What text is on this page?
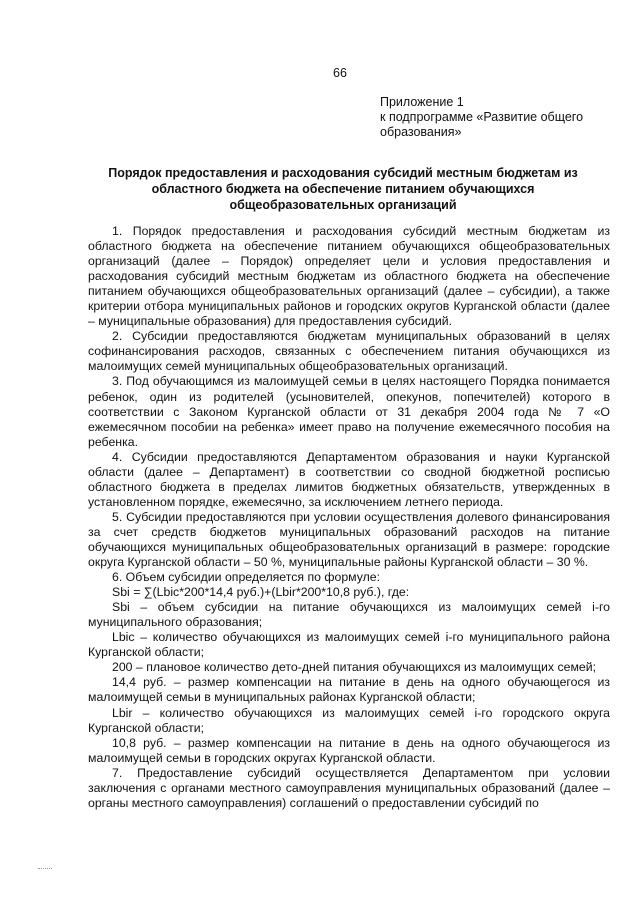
66
Приложение 1
к подпрограмме «Развитие общего
образования»
Порядок предоставления и расходования субсидий местным бюджетам из
областного бюджета на обеспечение питанием обучающихся
общеобразовательных организаций

1. Порядок предоставления и расходования субсидий местным бюджетам из областного бюджета на обеспечение питанием обучающихся общеобразовательных организаций (далее – Порядок) определяет цели и условия предоставления и расходования субсидий местным бюджетам из областного бюджета на обеспечение питанием обучающихся общеобразовательных организаций (далее – субсидии), а также критерии отбора муниципальных районов и городских округов Курганской области (далее – муниципальные образования) для предоставления субсидий.

2. Субсидии предоставляются бюджетам муниципальных образований в целях софинансирования расходов, связанных с обеспечением питания обучающихся из малоимущих семей муниципальных общеобразовательных организаций.

3. Под обучающимся из малоимущей семьи в целях настоящего Порядка понимается ребенок, один из родителей (усыновителей, опекунов, попечителей) которого в соответствии с Законом Курганской области от 31 декабря 2004 года № 7 «О ежемесячном пособии на ребенка» имеет право на получение ежемесячного пособия на ребенка.

4. Субсидии предоставляются Департаментом образования и науки Курганской области (далее – Департамент) в соответствии со сводной бюджетной росписью областного бюджета в пределах лимитов бюджетных обязательств, утвержденных в установленном порядке, ежемесячно, за исключением летнего периода.

5. Субсидии предоставляются при условии осуществления долевого финансирования за счет средств бюджетов муниципальных образований расходов на питание обучающихся муниципальных общеобразовательных организаций в размере: городские округа Курганской области – 50 %, муниципальные районы Курганской области – 30 %.

6. Объем субсидии определяется по формуле:

Sbi = ∑(Lbic*200*14,4 руб.)+(Lbir*200*10,8 руб.), где:

Sbi – объем субсидии на питание обучающихся из малоимущих семей i-го муниципального образования;

Lbic – количество обучающихся из малоимущих семей i-го муниципального района Курганской области;

200 – плановое количество дето-дней питания обучающихся из малоимущих семей;

14,4 руб. – размер компенсации на питание в день на одного обучающегося из малоимущей семьи в муниципальных районах Курганской области;

Lbir – количество обучающихся из малоимущих семей i-го городского округа Курганской области;

10,8 руб. – размер компенсации на питание в день на одного обучающегося из малоимущей семьи в городских округах Курганской области.

7. Предоставление субсидий осуществляется Департаментом при условии заключения с органами местного самоуправления муниципальных образований (далее – органы местного самоуправления) соглашений о предоставлении субсидий по
